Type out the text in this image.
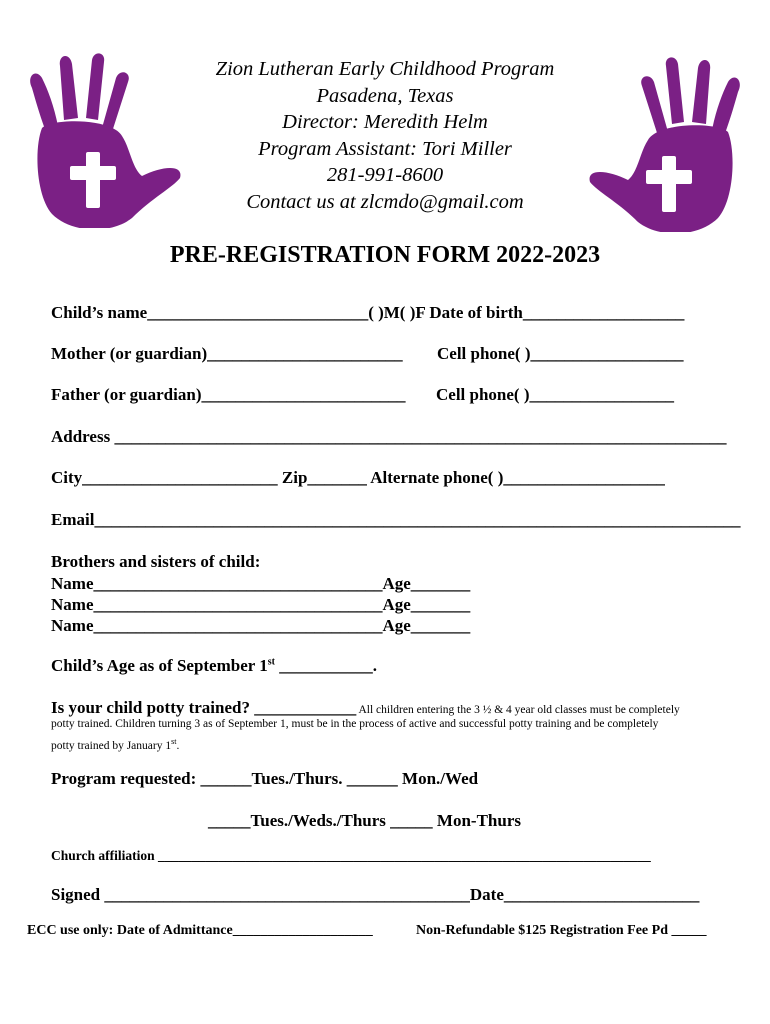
Zion Lutheran Early Childhood Program
Pasadena, Texas
Director: Meredith Helm
Program Assistant: Tori Miller
281-991-8600
Contact us at zlcmdo@gmail.com
PRE-REGISTRATION FORM 2022-2023
Child’s name__________________________( )M( )F Date of birth___________________
Mother (or guardian)_______________________ Cell phone( )__________________
Father (or guardian)________________________ Cell phone( )_________________
Address ________________________________________________________________________
City_______________________ Zip_______ Alternate phone( )___________________
Email____________________________________________________________________________
Brothers and sisters of child:
Name__________________________________Age_______
Name__________________________________Age_______
Name__________________________________Age_______
Child’s Age as of September 1st ___________.
Is your child potty trained? ____________ All children entering the 3 ½ & 4 year old classes must be completely
potty trained. Children turning 3 as of September 1, must be in the process of active and successful potty training and be completely
potty trained by January 1st.
Program requested: ______Tues./Thurs. ______ Mon./Wed
_____Tues./Weds./Thurs _____ Mon-Thurs
Church affiliation _________________________________________________________________________
Signed ___________________________________________Date_______________________
ECC use only: Date of Admittance____________________	Non-Refundable $125 Registration Fee Pd _____
